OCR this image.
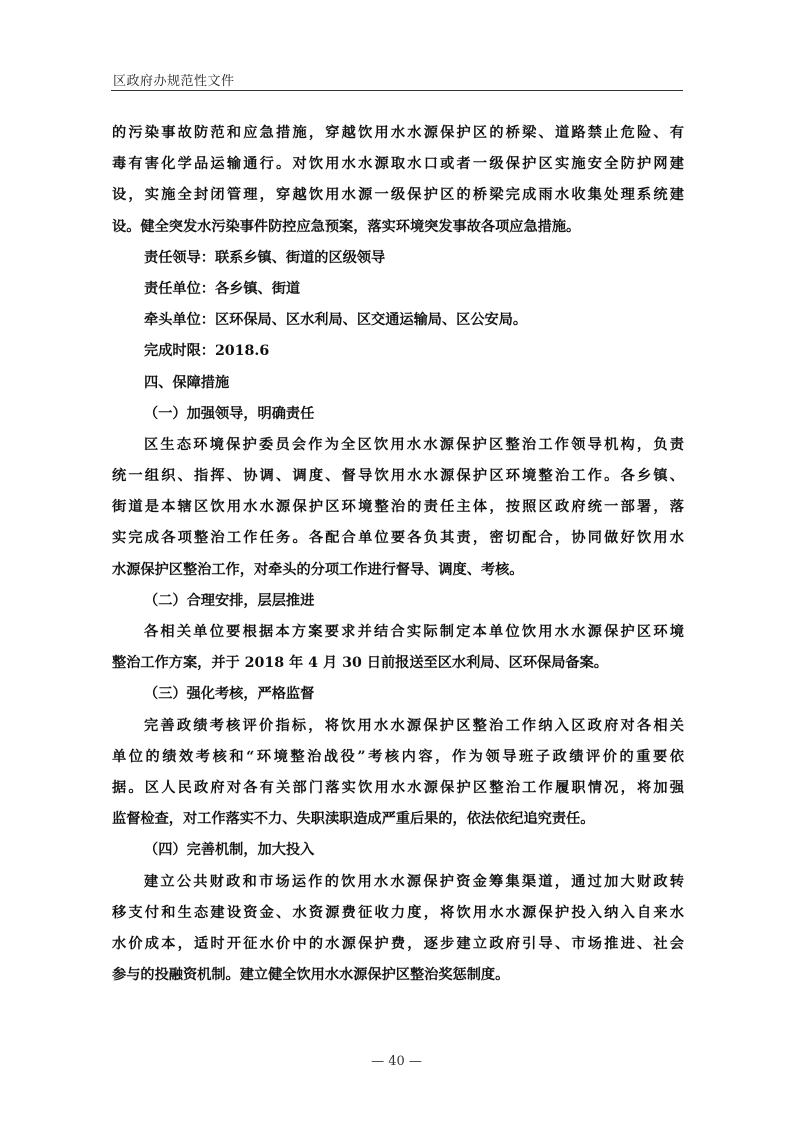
区政府办规范性文件
的污染事故防范和应急措施，穿越饮用水水源保护区的桥梁、道路禁止危险、有
毒有害化学品运输通行。对饮用水水源取水口或者一级保护区实施安全防护网建
设，实施全封闭管理，穿越饮用水源一级保护区的桥梁完成雨水收集处理系统建
设。健全突发水污染事件防控应急预案，落实环境突发事故各项应急措施。
责任领导：联系乡镇、街道的区级领导
责任单位：各乡镇、街道
牵头单位：区环保局、区水利局、区交通运输局、区公安局。
完成时限：2018.6
四、保障措施
（一）加强领导，明确责任
区生态环境保护委员会作为全区饮用水水源保护区整治工作领导机构，负责
统一组织、指挥、协调、调度、督导饮用水水源保护区环境整治工作。各乡镇、
街道是本辖区饮用水水源保护区环境整治的责任主体，按照区政府统一部署，落
实完成各项整治工作任务。各配合单位要各负其责，密切配合，协同做好饮用水
水源保护区整治工作，对牵头的分项工作进行督导、调度、考核。
（二）合理安排，层层推进
各相关单位要根据本方案要求并结合实际制定本单位饮用水水源保护区环境
整治工作方案，并于 2018 年 4 月 30 日前报送至区水利局、区环保局备案。
（三）强化考核，严格监督
完善政绩考核评价指标，将饮用水水源保护区整治工作纳入区政府对各相关
单位的绩效考核和“环境整治战役”考核内容，作为领导班子政绩评价的重要依
据。区人民政府对各有关部门落实饮用水水源保护区整治工作履职情况，将加强
监督检查，对工作落实不力、失职渎职造成严重后果的，依法依纪追究责任。
（四）完善机制，加大投入
建立公共财政和市场运作的饮用水水源保护资金筹集渠道，通过加大财政转
移支付和生态建设资金、水资源费征收力度，将饮用水水源保护投入纳入自来水
水价成本，适时开征水价中的水源保护费，逐步建立政府引导、市场推进、社会
参与的投融资机制。建立健全饮用水水源保护区整治奖惩制度。
— 40 —
